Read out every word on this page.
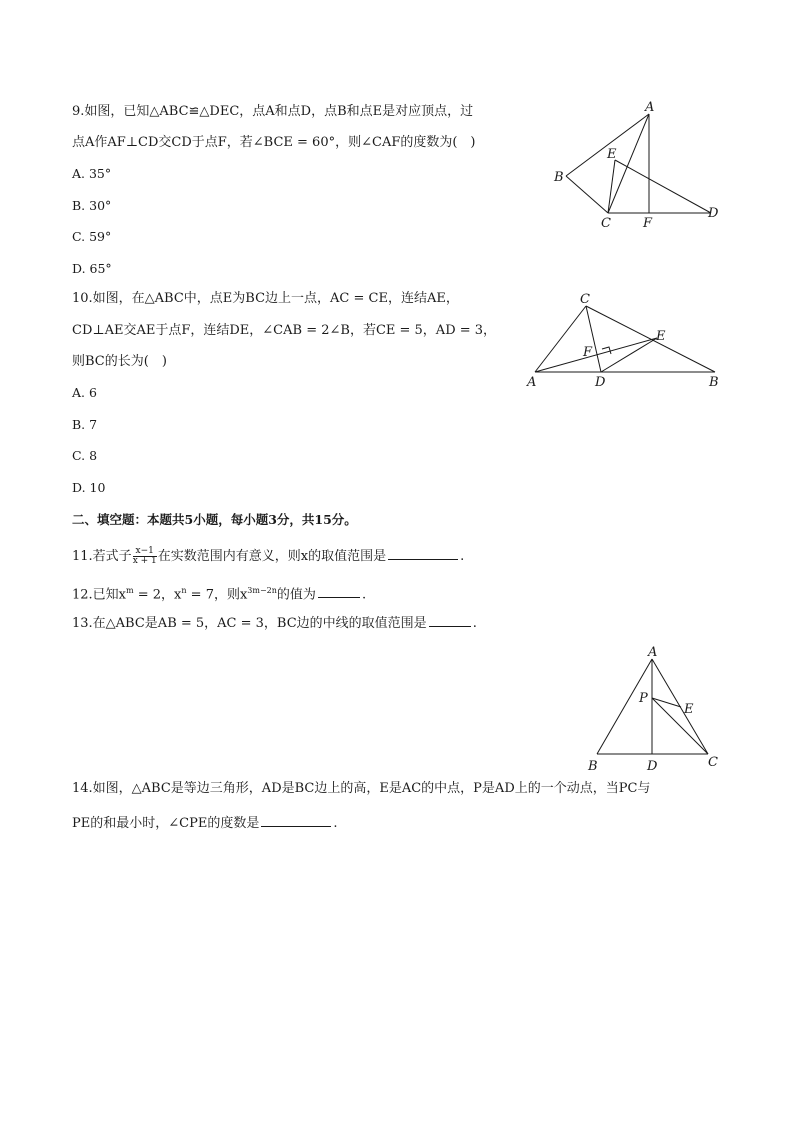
9.如图，已知△ABC≌△DEC，点A和点D，点B和点E是对应顶点，过
点A作AF⊥CD交CD于点F，若∠BCE = 60°，则∠CAF的度数为(　)
A. 35°
B. 30°
C. 59°
D. 65°
A
B
E
C F
D
10.如图，在△ABC中，点E为BC边上一点，AC = CE，连结AE，
CD⊥AE交AE于点F，连结DE，∠CAB = 2∠B，若CE = 5，AD = 3，
则BC的长为(　)
A. 6
B. 7
C. 8
D. 10
C
E
F
A	D	B
二、填空题：本题共5小题，每小题3分，共15分。
11.若式子 $\frac{x-1}{x + 1}$ 在实数范围内有意义，则x的取值范围是	.
12.已知$x^m = 2$，$x^n = 7$，则$x^{3m-2n}$的值为	.
13.在△ABC是AB = 5，AC = 3，BC边的中线的取值范围是	.
A
P
E
B	D	C
14.如图，△ABC是等边三角形，AD是BC边上的高，E是AC的中点，P是AD上的一个动点，当PC与
PE的和最小时，∠CPE的度数是	.
